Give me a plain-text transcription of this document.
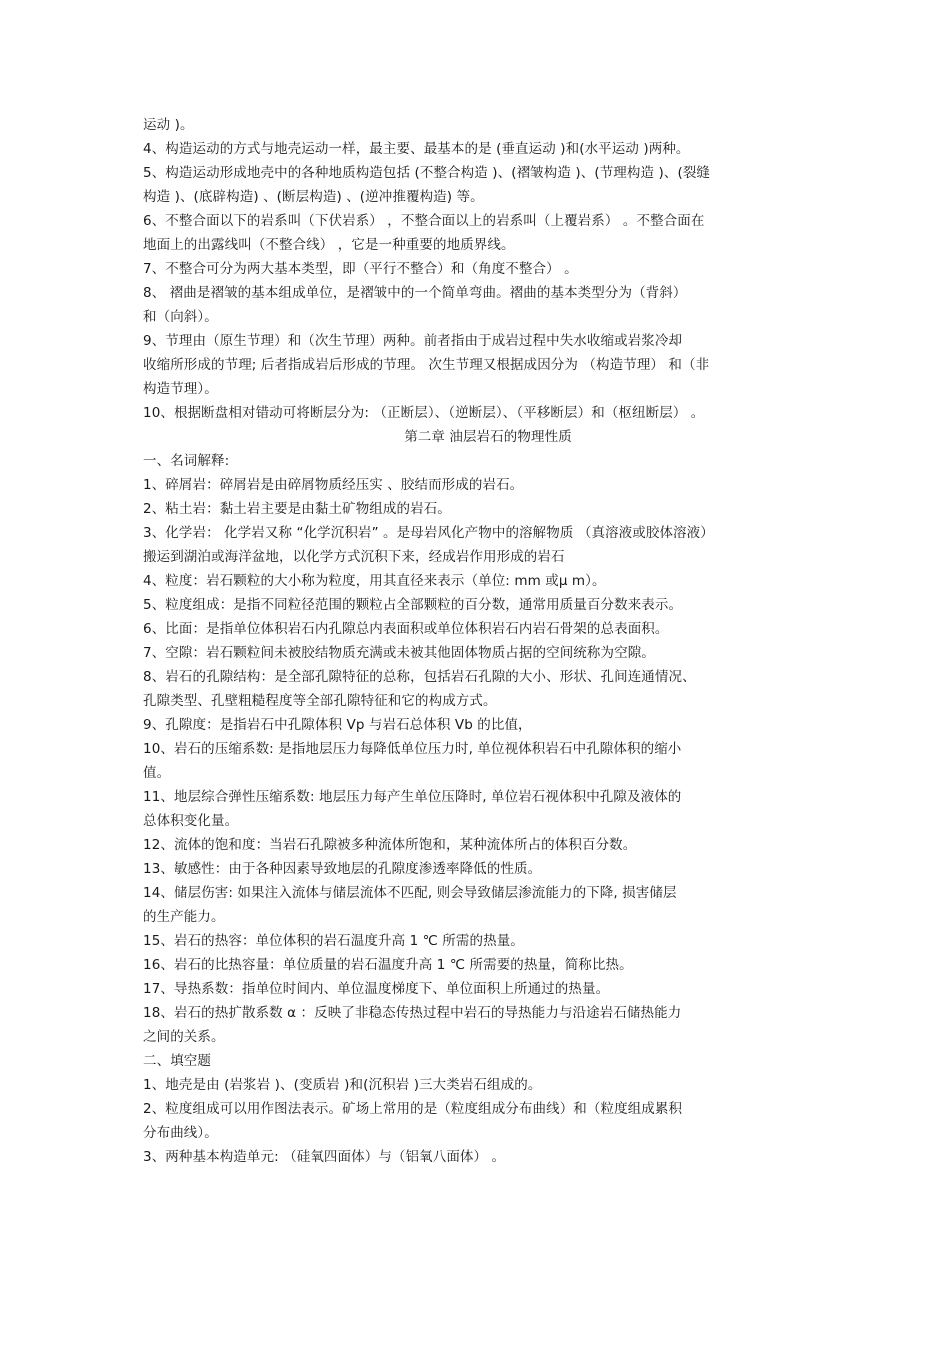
运动 )。
4、构造运动的方式与地壳运动一样，最主要、最基本的是 (垂直运动 )和(水平运动 )两种。
5、构造运动形成地壳中的各种地质构造包括 (不整合构造 )、(褶皱构造 )、(节理构造 )、(裂缝
构造 )、(底辟构造) 、(断层构造) 、(逆冲推覆构造) 等。
6、不整合面以下的岩系叫（下伏岩系） ，不整合面以上的岩系叫（上覆岩系） 。不整合面在
地面上的出露线叫（不整合线） ，它是一种重要的地质界线。
7、不整合可分为两大基本类型，即（平行不整合）和（角度不整合） 。
8、 褶曲是褶皱的基本组成单位，是褶皱中的一个简单弯曲。褶曲的基本类型分为（背斜）
和（向斜）。
9、节理由（原生节理）和（次生节理）两种。前者指由于成岩过程中失水收缩或岩浆冷却
收缩所形成的节理; 后者指成岩后形成的节理。 次生节理又根据成因分为 （构造节理） 和（非
构造节理）。
10、根据断盘相对错动可将断层分为: （正断层）、（逆断层）、（平移断层）和（枢纽断层） 。
第二章 油层岩石的物理性质
一、名词解释:
1、碎屑岩：碎屑岩是由碎屑物质经压实 、胶结而形成的岩石。
2、粘土岩：黏土岩主要是由黏土矿物组成的岩石。
3、化学岩： 化学岩又称 “化学沉积岩” 。是母岩风化产物中的溶解物质 （真溶液或胶体溶液）
搬运到湖泊或海洋盆地，以化学方式沉积下来，经成岩作用形成的岩石
4、粒度：岩石颗粒的大小称为粒度，用其直径来表示（单位: mm 或μ m）。
5、粒度组成：是指不同粒径范围的颗粒占全部颗粒的百分数，通常用质量百分数来表示。
6、比面：是指单位体积岩石内孔隙总内表面积或单位体积岩石内岩石骨架的总表面积。
7、空隙：岩石颗粒间未被胶结物质充满或未被其他固体物质占据的空间统称为空隙。
8、岩石的孔隙结构：是全部孔隙特征的总称，包括岩石孔隙的大小、形状、孔间连通情况、
孔隙类型、孔壁粗糙程度等全部孔隙特征和它的构成方式。
9、孔隙度：是指岩石中孔隙体积 Vp 与岩石总体积 Vb 的比值，
10、岩石的压缩系数: 是指地层压力每降低单位压力时, 单位视体积岩石中孔隙体积的缩小
值。
11、地层综合弹性压缩系数: 地层压力每产生单位压降时, 单位岩石视体积中孔隙及液体的
总体积变化量。
12、流体的饱和度：当岩石孔隙被多种流体所饱和，某种流体所占的体积百分数。
13、敏感性：由于各种因素导致地层的孔隙度渗透率降低的性质。
14、储层伤害: 如果注入流体与储层流体不匹配, 则会导致储层渗流能力的下降, 损害储层
的生产能力。
15、岩石的热容：单位体积的岩石温度升高 1 ℃ 所需的热量。
16、岩石的比热容量：单位质量的岩石温度升高 1 ℃ 所需要的热量，简称比热。
17、导热系数：指单位时间内、单位温度梯度下、单位面积上所通过的热量。
18、岩石的热扩散系数 α ：反映了非稳态传热过程中岩石的导热能力与沿途岩石储热能力
之间的关系。
二、填空题
1、地壳是由 (岩浆岩 )、(变质岩 )和(沉积岩 )三大类岩石组成的。
2、粒度组成可以用作图法表示。矿场上常用的是（粒度组成分布曲线）和（粒度组成累积
分布曲线）。
3、两种基本构造单元: （硅氧四面体）与（铝氧八面体） 。
